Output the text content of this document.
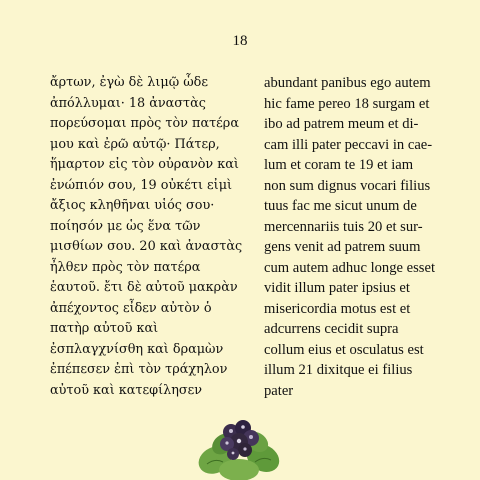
18
ἄρτων, ἐγὼ δὲ λιμῷ ὧδε
ἀπόλλυμαι· 18 ἀναστὰς
πορεύσομαι πρὸς τὸν πατέρα
μου καὶ ἐρῶ αὐτῷ· Πάτερ,
ἥμαρτον εἰς τὸν οὐρανὸν καὶ
ἐνώπιόν σου, 19 οὐκέτι εἰμὶ
ἄξιος κληθῆναι υἱός σου·
ποίησόν με ὡς ἕνα τῶν
μισθίων σου. 20 καὶ ἀναστὰς
ἦλθεν πρὸς τὸν πατέρα
ἑαυτοῦ. ἔτι δὲ αὐτοῦ μακρὰν
ἀπέχοντος εἶδεν αὐτὸν ὁ
πατὴρ αὐτοῦ καὶ
ἐσπλαγχνίσθη καὶ δραμὼν
ἐπέπεσεν ἐπὶ τὸν τράχηλον
αὐτοῦ καὶ κατεφίλησεν
abundant panibus ego autem
hic fame pereo 18 surgam et
ibo ad patrem meum et di-
cam illi pater peccavi in cae-
lum et coram te 19 et iam
non sum dignus vocari filius
tuus fac me sicut unum de
mercennariis tuis 20 et sur-
gens venit ad patrem suum
cum autem adhuc longe esset
vidit illum pater ipsius et
misericordia motus est et
adcurrens cecidit supra
collum eius et osculatus est
illum 21 dixitque ei filius
pater
